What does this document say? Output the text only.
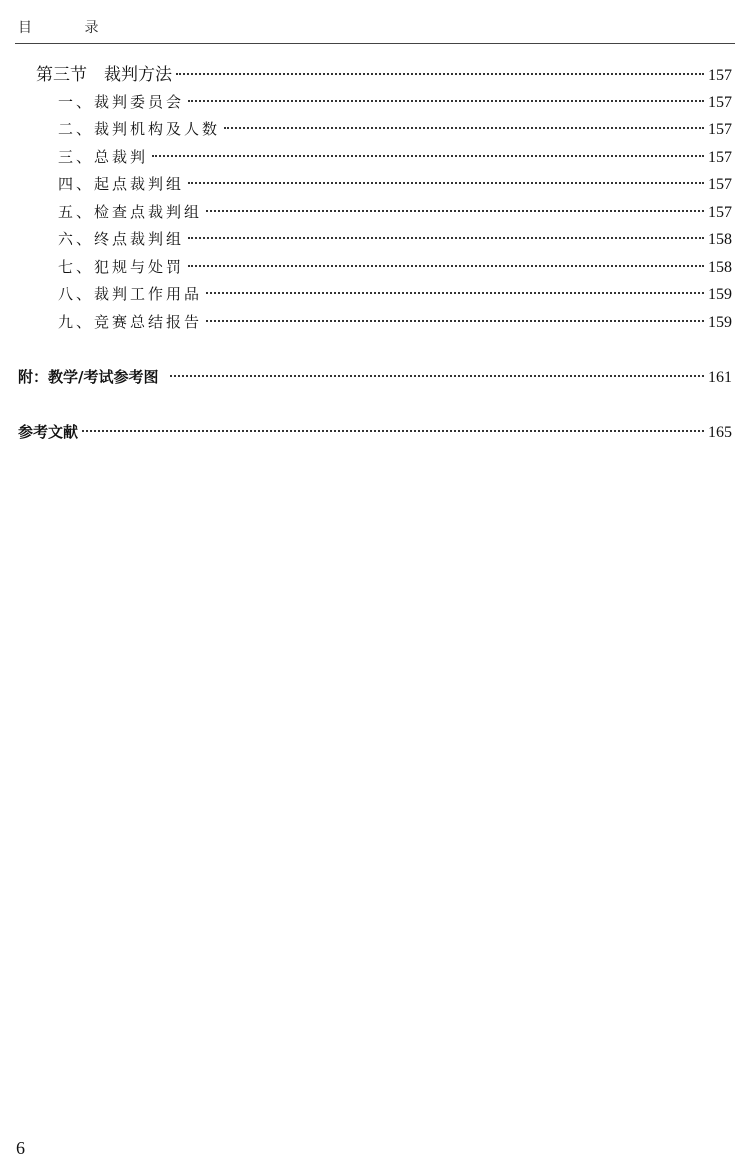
目 录
第三节　裁判方法	157
一、裁判委员会	157
二、裁判机构及人数	157
三、总裁判	157
四、起点裁判组	157
五、检查点裁判组	157
六、终点裁判组	158
七、犯规与处罚	158
八、裁判工作用品	159
九、竞赛总结报告	159
附：教学/考试参考图	161
参考文献	165
6
